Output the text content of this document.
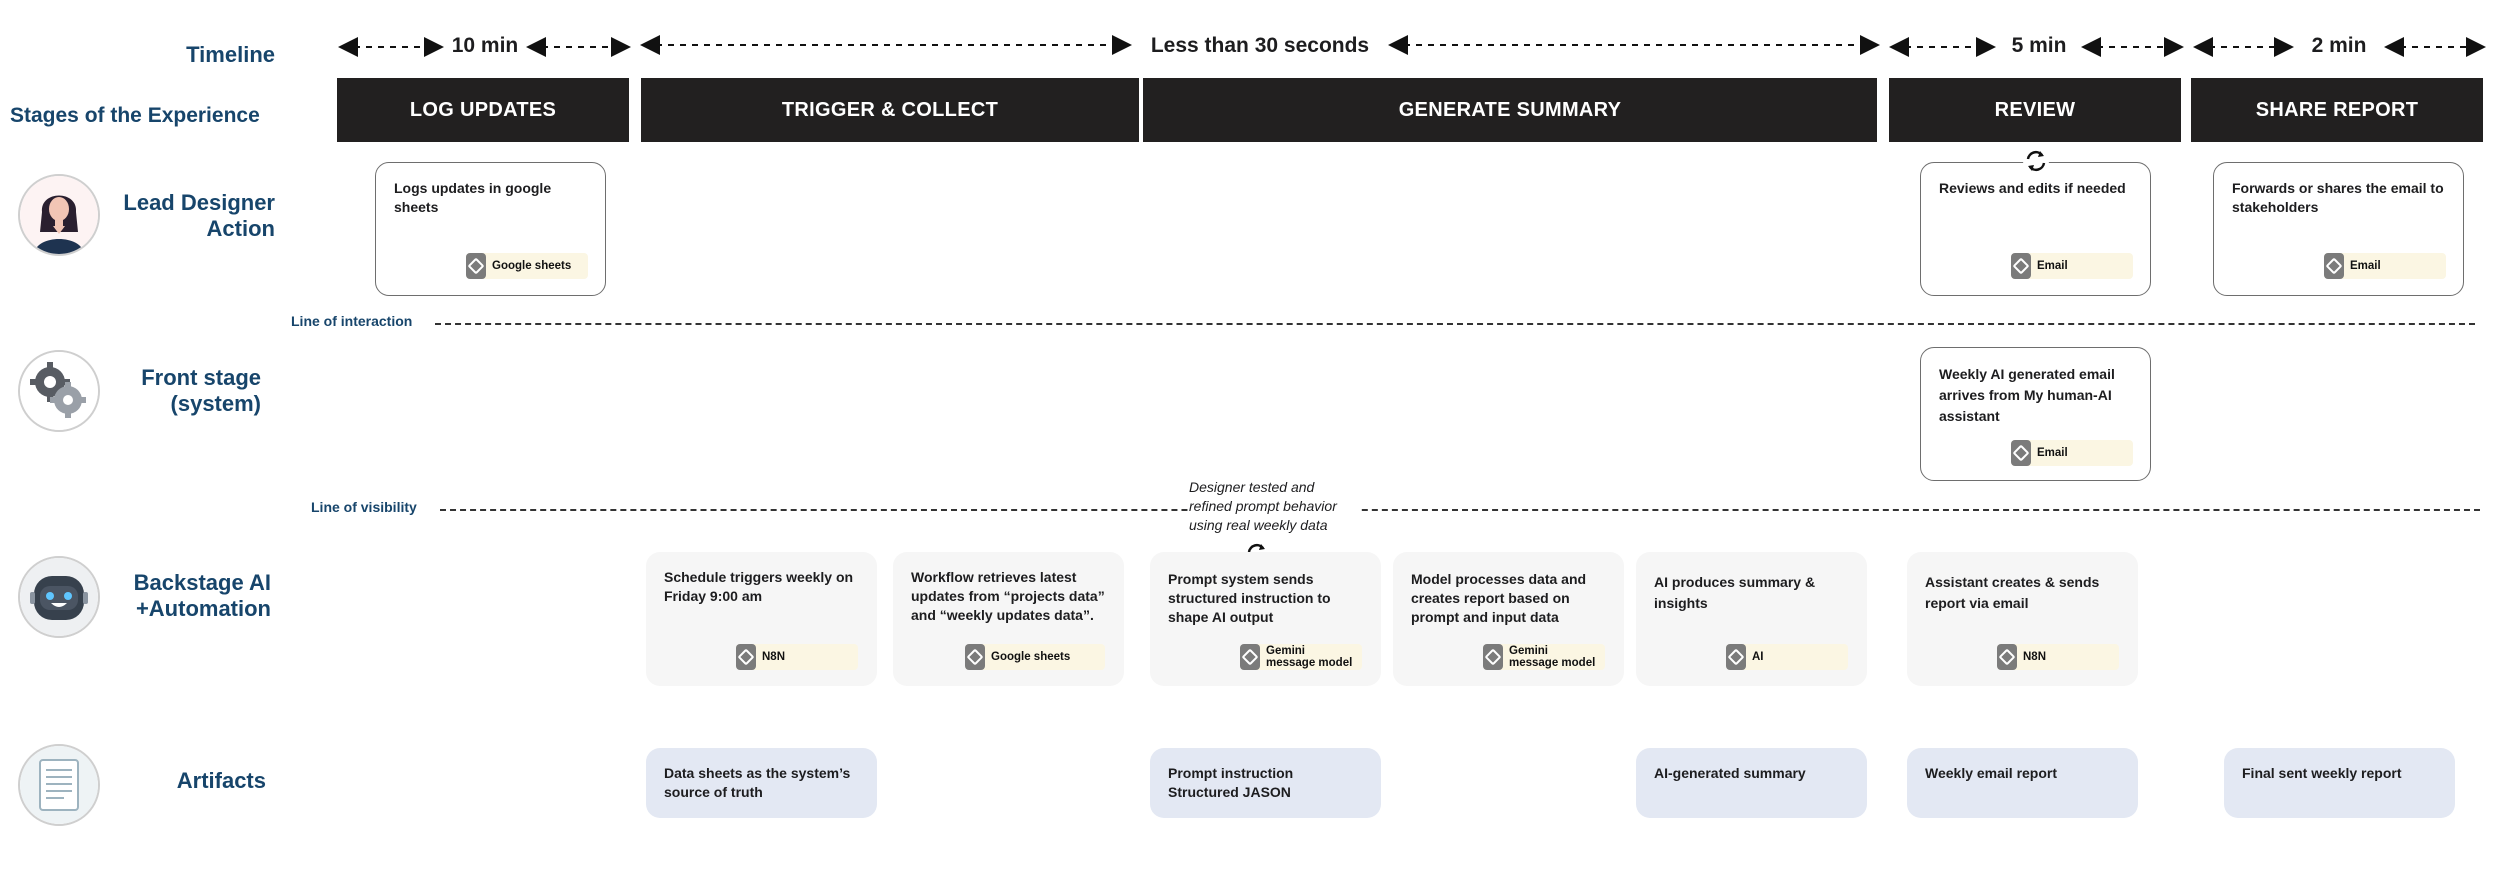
Timeline
Stages of the Experience
Lead Designer Action
Front stage (system)
Backstage AI +Automation
Artifacts
10 min	Less than 30 seconds	5 min	2 min
LOG UPDATES	TRIGGER & COLLECT	GENERATE SUMMARY	REVIEW	SHARE REPORT
Logs updates in google sheets
Google sheets
Reviews and edits if needed
Email
Forwards or shares the email to stakeholders
Email
Line of interaction
Weekly AI generated email arrives from My human-AI assistant
Email
Line of visibility
Designer tested and refined prompt behavior using real weekly data
Schedule triggers weekly on Friday 9:00 am
N8N
Workflow retrieves latest updates from “projects data” and “weekly updates data”.
Google sheets
Prompt system sends structured instruction to shape AI output
Gemini message model
Model processes data and creates report based on prompt and input data
Gemini message model
AI produces summary & insights
AI
Assistant creates & sends report via email
N8N
Data sheets as the system’s source of truth
Prompt instruction Structured JASON
AI-generated summary	Weekly email report	Final sent weekly report
